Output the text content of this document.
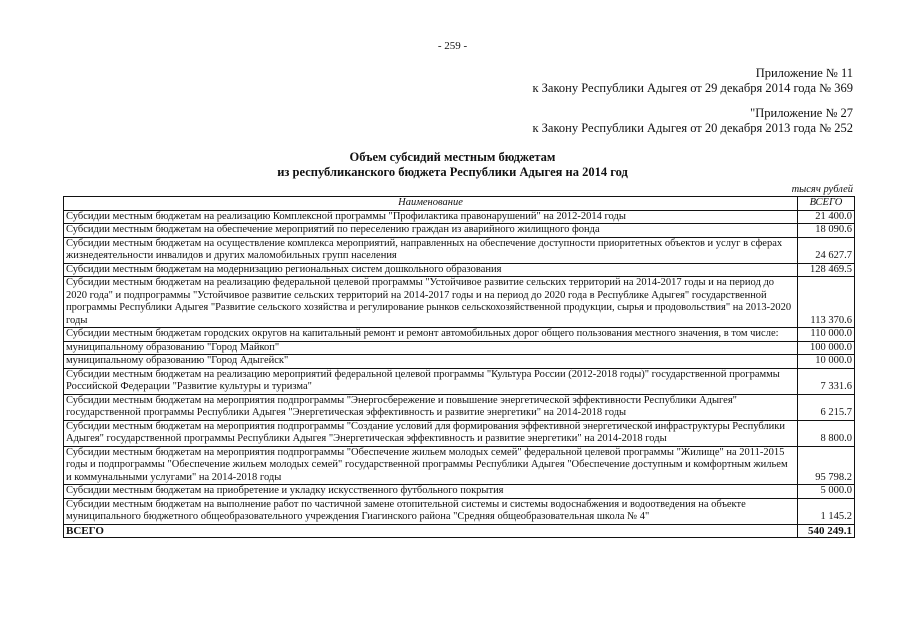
- 259 -
Приложение № 11
к Закону Республики Адыгея от 29 декабря 2014 года № 369
"Приложение № 27
к Закону Республики Адыгея от 20 декабря 2013 года № 252
Объем субсидий местным бюджетам
из республиканского бюджета Республики Адыгея на 2014 год
тысяч рублей
Наименование	ВСЕГО
Субсидии местным бюджетам на реализацию Комплексной программы "Профилактика правонарушений" на 2012-2014 годы	21 400.0
Субсидии местным бюджетам на обеспечение мероприятий по переселению граждан из аварийного жилищного фонда	18 090.6
Субсидии местным бюджетам на осуществление комплекса мероприятий, направленных на обеспечение доступности приоритетных объектов и услуг в сферах жизнедеятельности инвалидов и других маломобильных групп населения	24 627.7
Субсидии местным бюджетам на модернизацию региональных систем дошкольного образования	128 469.5
Субсидии местным бюджетам на реализацию федеральной целевой программы "Устойчивое развитие сельских территорий на 2014-2017 годы и на период до 2020 года" и подпрограммы "Устойчивое развитие сельских территорий на 2014-2017 годы и на период до 2020 года в Республике Адыгея" государственной программы Республики Адыгея "Развитие сельского хозяйства и регулирование рынков сельскохозяйственной продукции, сырья и продовольствия" на 2013-2020 годы	113 370.6
Субсидии местным бюджетам городских округов на капитальный ремонт и ремонт автомобильных дорог общего пользования местного значения, в том числе:	110 000.0
муниципальному образованию "Город Майкоп"	100 000.0
муниципальному образованию "Город Адыгейск"	10 000.0
Субсидии местным бюджетам на реализацию мероприятий федеральной целевой программы "Культура России (2012-2018 годы)" государственной программы Российской Федерации "Развитие культуры и туризма"	7 331.6
Субсидии местным бюджетам на мероприятия подпрограммы "Энергосбережение и повышение энергетической эффективности Республики Адыгея" государственной программы Республики Адыгея "Энергетическая эффективность и развитие энергетики" на 2014-2018 годы	6 215.7
Субсидии местным бюджетам на мероприятия подпрограммы "Создание условий для формирования эффективной энергетической инфраструктуры Республики Адыгея" государственной программы Республики Адыгея "Энергетическая эффективность и развитие энергетики" на 2014-2018 годы	8 800.0
Субсидии местным бюджетам на мероприятия подпрограммы "Обеспечение жильем молодых семей" федеральной целевой программы "Жилище" на 2011-2015 годы и подпрограммы "Обеспечение жильем молодых семей" государственной программы Республики Адыгея "Обеспечение доступным и комфортным жильем и коммунальными услугами" на 2014-2018 годы	95 798.2
Субсидии местным бюджетам на приобретение и укладку искусственного футбольного покрытия	5 000.0
Субсидии местным бюджетам на выполнение работ по частичной замене отопительной системы и системы водоснабжения и водоотведения на объекте муниципального бюджетного общеобразовательного учреждения Гиагинского района "Средняя общеобразовательная школа № 4"	1 145.2
ВСЕГО	540 249.1
